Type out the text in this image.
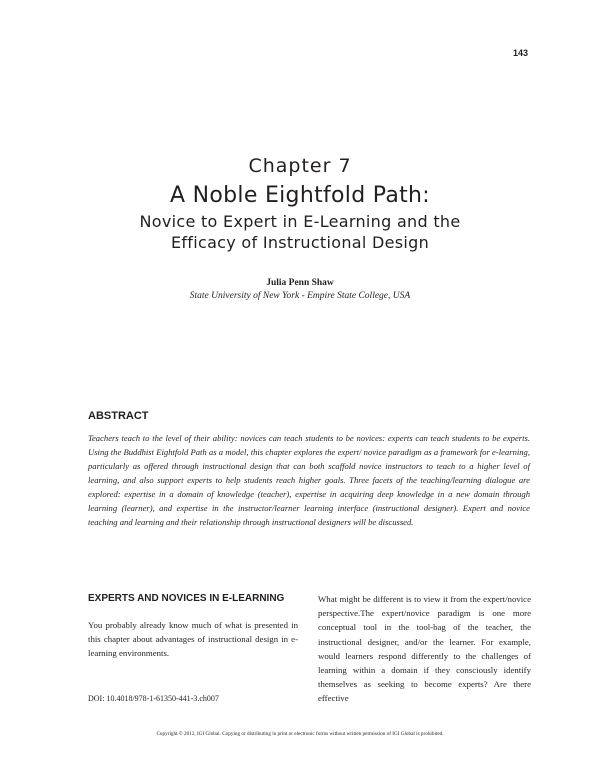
143
Chapter 7
A Noble Eightfold Path:
Novice to Expert in E-Learning and the Efficacy of Instructional Design
Julia Penn Shaw
State University of New York - Empire State College, USA
ABSTRACT

Teachers teach to the level of their ability: novices can teach students to be novices: experts can teach students to be experts. Using the Buddhist Eightfold Path as a model, this chapter explores the expert/ novice paradigm as a framework for e-learning, particularly as offered through instructional design that can both scaffold novice instructors to teach to a higher level of learning, and also support experts to help students reach higher goals. Three facets of the teaching/learning dialogue are explored: expertise in a domain of knowledge (teacher), expertise in acquiring deep knowledge in a new domain through learning (learner), and expertise in the instructor/learner learning interface (instructional designer). Expert and novice teaching and learning and their relationship through instructional designers will be discussed.

EXPERTS AND NOVICES IN E-LEARNING

You probably already know much of what is presented in this chapter about advantages of instructional design in e-learning environments.

What might be different is to view it from the expert/novice perspective.The expert/novice paradigm is one more conceptual tool in the tool-bag of the teacher, the instructional designer, and/or the learner. For example, would learners respond differently to the challenges of learning within a domain if they consciously identify themselves as seeking to become experts? Are there effective

DOI: 10.4018/978-1-61350-441-3.ch007
Copyright © 2012, IGI Global. Copying or distributing in print or electronic forms without written permission of IGI Global is prohibited.
